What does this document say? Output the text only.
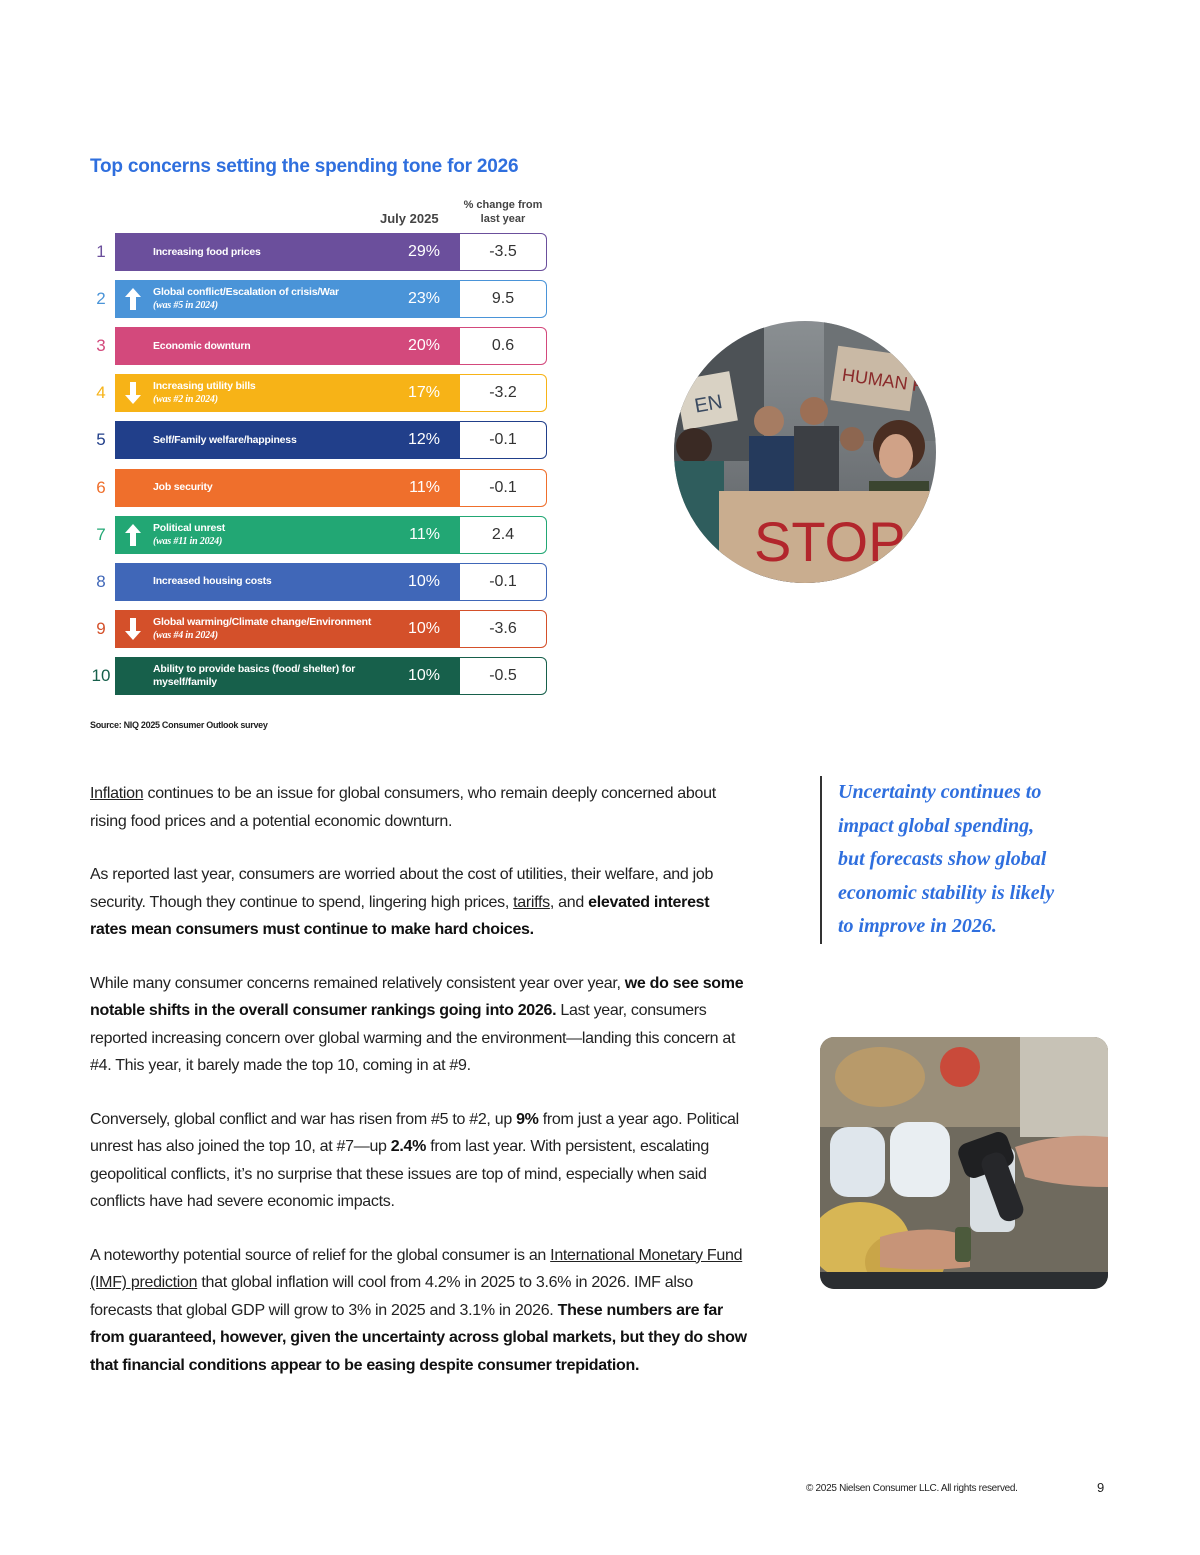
Top concerns setting the spending tone for 2026
July 2025
% change from last year
1	Increasing food prices	29%	-3.5
2	Global conflict/Escalation of crisis/War
(was #5 in 2024)	23%	9.5
3	Economic downturn	20%	0.6
4	Increasing utility bills
(was #2 in 2024)	17%	-3.2
5	Self/Family welfare/happiness	12%	-0.1
6	Job security	11%	-0.1
7	Political unrest
(was #11 in 2024)	11%	2.4
8	Increased housing costs	10%	-0.1
9	Global warming/Climate change/Environment
(was #4 in 2024)	10%	-3.6
10	Ability to provide basics (food/ shelter) for myself/family	10%	-0.5
Source: NIQ 2025 Consumer Outlook survey
HUMAN RI
EN
STOP

Inflation continues to be an issue for global consumers, who remain deeply concerned about rising food prices and a potential economic downturn.

As reported last year, consumers are worried about the cost of utilities, their welfare, and job security. Though they continue to spend, lingering high prices, tariffs, and elevated interest rates mean consumers must continue to make hard choices.

While many consumer concerns remained relatively consistent year over year, we do see some notable shifts in the overall consumer rankings going into 2026. Last year, consumers reported increasing concern over global warming and the environment—landing this concern at #4. This year, it barely made the top 10, coming in at #9.

Conversely, global conflict and war has risen from #5 to #2, up 9% from just a year ago. Political unrest has also joined the top 10, at #7—up 2.4% from last year. With persistent, escalating geopolitical conflicts, it’s no surprise that these issues are top of mind, especially when said conflicts have had severe economic impacts.

A noteworthy potential source of relief for the global consumer is an International Monetary Fund (IMF) prediction that global inflation will cool from 4.2% in 2025 to 3.6% in 2026. IMF also forecasts that global GDP will grow to 3% in 2025 and 3.1% in 2026. These numbers are far from guaranteed, however, given the uncertainty across global markets, but they do show that financial conditions appear to be easing despite consumer trepidation.

Uncertainty continues to impact global spending, but forecasts show global economic stability is likely to improve in 2026.
© 2025 Nielsen Consumer LLC. All rights reserved.	9
